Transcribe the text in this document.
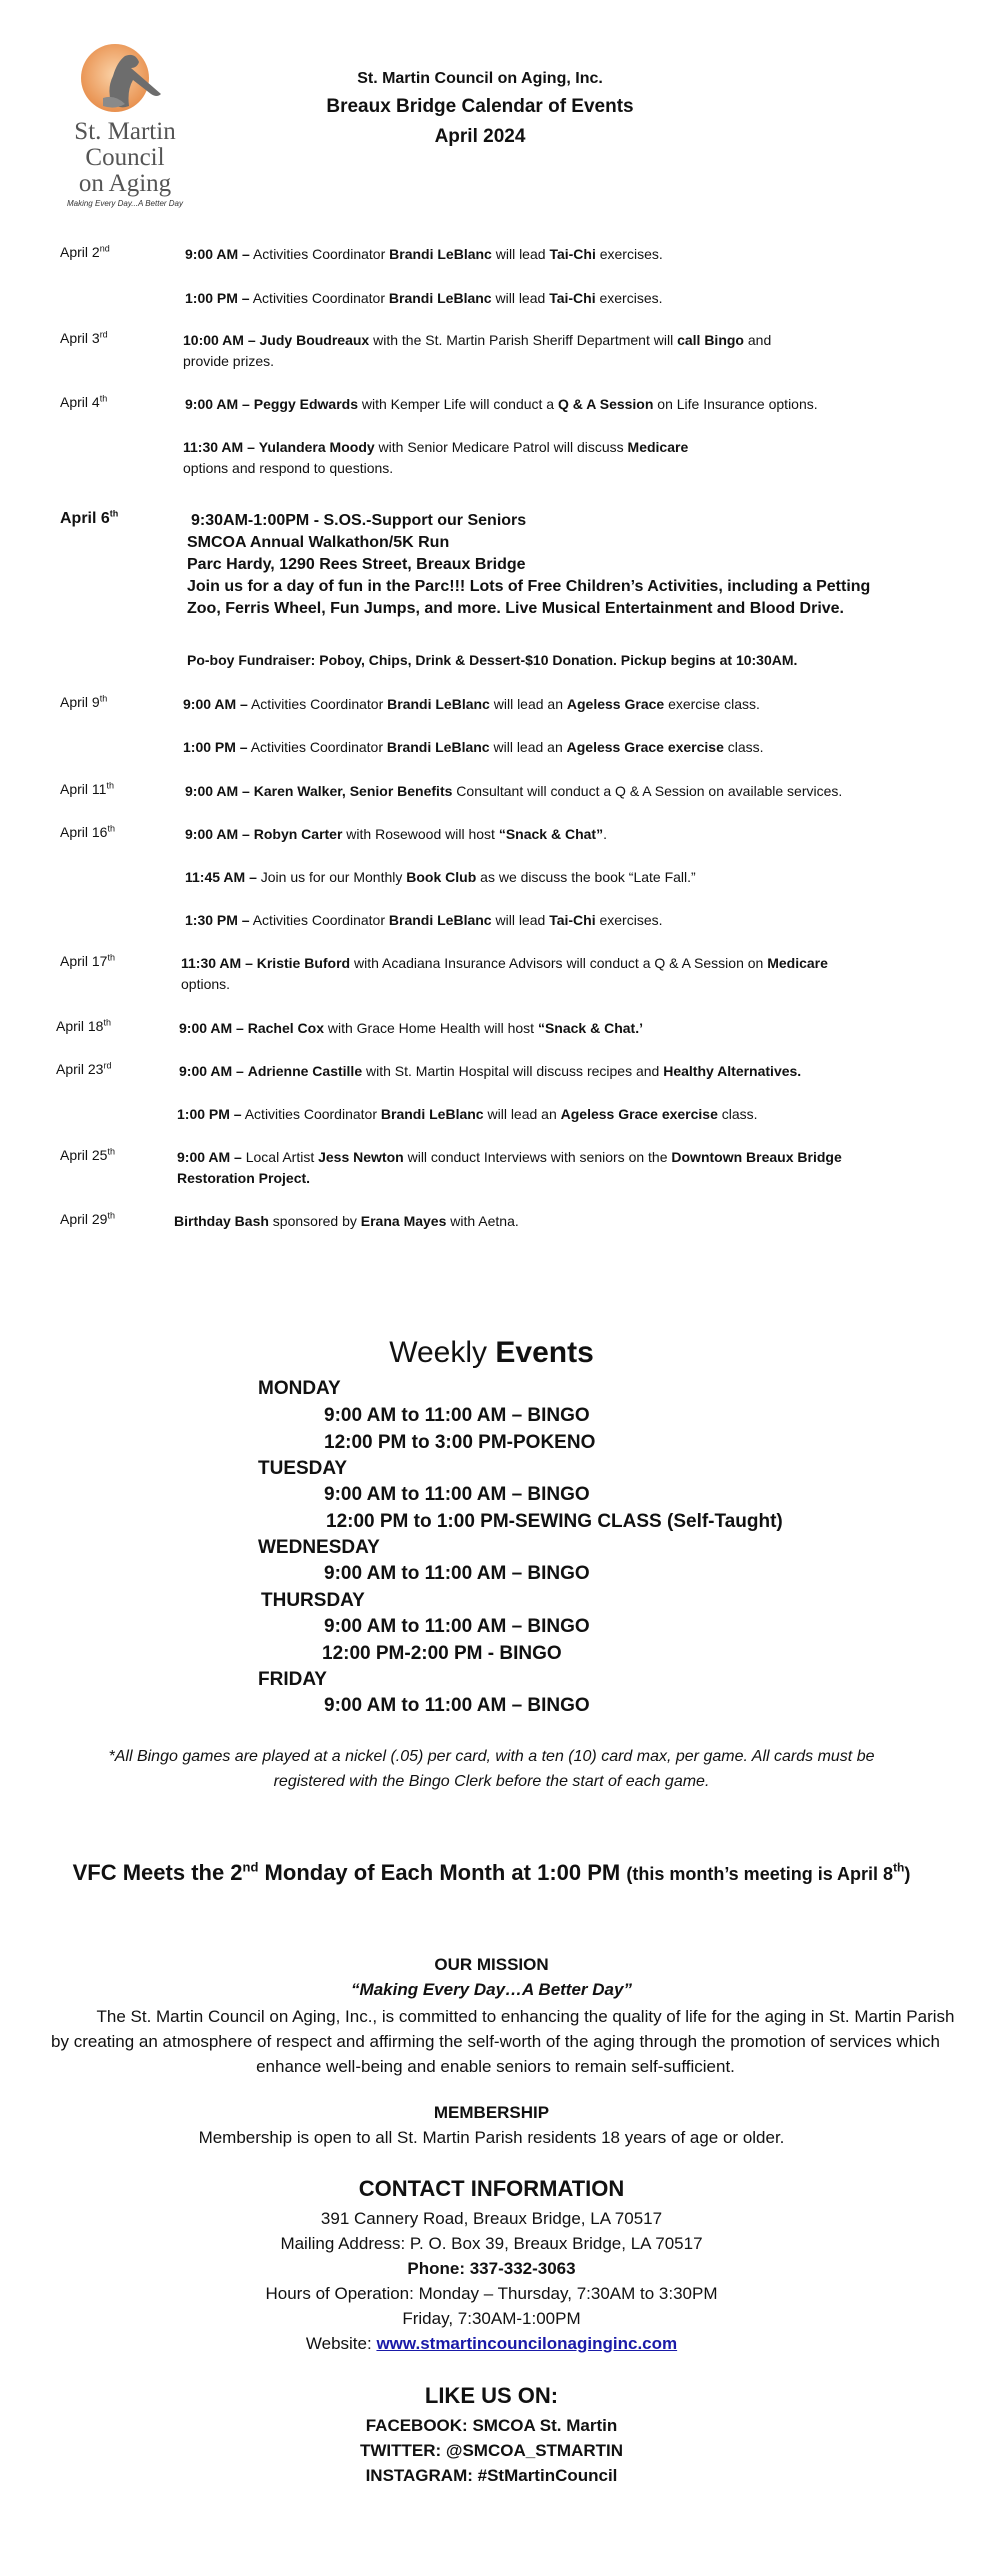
St. Martin
Council
on Aging
Making Every Day...A Better Day
St. Martin Council on Aging, Inc.
Breaux Bridge Calendar of Events
April 2024
April 2nd	9:00 AM – Activities Coordinator Brandi LeBlanc will lead Tai-Chi exercises.
1:00 PM – Activities Coordinator Brandi LeBlanc will lead Tai-Chi exercises.
April 3rd	10:00 AM – Judy Boudreaux with the St. Martin Parish Sheriff Department will call Bingo and
provide prizes.
April 4th	9:00 AM – Peggy Edwards with Kemper Life will conduct a Q & A Session on Life Insurance options.
11:30 AM – Yulandera Moody with Senior Medicare Patrol will discuss Medicare
options and respond to questions.
April 6th	9:30AM-1:00PM - S.OS.-Support our Seniors
SMCOA Annual Walkathon/5K Run
Parc Hardy, 1290 Rees Street, Breaux Bridge
Join us for a day of fun in the Parc!!! Lots of Free Children’s Activities, including a Petting
Zoo, Ferris Wheel, Fun Jumps, and more. Live Musical Entertainment and Blood Drive.
Po-boy Fundraiser: Poboy, Chips, Drink & Dessert-$10 Donation. Pickup begins at 10:30AM.
April 9th	9:00 AM – Activities Coordinator Brandi LeBlanc will lead an Ageless Grace exercise class.
1:00 PM – Activities Coordinator Brandi LeBlanc will lead an Ageless Grace exercise class.
April 11th	9:00 AM – Karen Walker, Senior Benefits Consultant will conduct a Q & A Session on available services.
April 16th	9:00 AM – Robyn Carter with Rosewood will host “Snack & Chat”.
11:45 AM – Join us for our Monthly Book Club as we discuss the book “Late Fall.”
1:30 PM – Activities Coordinator Brandi LeBlanc will lead Tai-Chi exercises.
April 17th	11:30 AM – Kristie Buford with Acadiana Insurance Advisors will conduct a Q & A Session on Medicare
options.
April 18th	9:00 AM – Rachel Cox with Grace Home Health will host “Snack & Chat.’
April 23rd	9:00 AM – Adrienne Castille with St. Martin Hospital will discuss recipes and Healthy Alternatives.
1:00 PM – Activities Coordinator Brandi LeBlanc will lead an Ageless Grace exercise class.
April 25th	9:00 AM – Local Artist Jess Newton will conduct Interviews with seniors on the Downtown Breaux Bridge
Restoration Project.
April 29th	Birthday Bash sponsored by Erana Mayes with Aetna.
Weekly Events
MONDAY
9:00 AM to 11:00 AM – BINGO
12:00 PM to 3:00 PM-POKENO
TUESDAY
9:00 AM to 11:00 AM – BINGO
12:00 PM to 1:00 PM-SEWING CLASS (Self-Taught)
WEDNESDAY
9:00 AM to 11:00 AM – BINGO
THURSDAY
9:00 AM to 11:00 AM – BINGO
12:00 PM-2:00 PM - BINGO
FRIDAY
9:00 AM to 11:00 AM – BINGO
*All Bingo games are played at a nickel (.05) per card, with a ten (10) card max, per game. All cards must be
registered with the Bingo Clerk before the start of each game.
VFC Meets the 2nd Monday of Each Month at 1:00 PM (this month’s meeting is April 8th)
OUR MISSION
“Making Every Day…A Better Day”
The St. Martin Council on Aging, Inc., is committed to enhancing the quality of life for the aging in St. Martin Parish by creating an atmosphere of respect and affirming the self-worth of the aging through the promotion of services which enhance well-being and enable seniors to remain self-sufficient.
MEMBERSHIP
Membership is open to all St. Martin Parish residents 18 years of age or older.
CONTACT INFORMATION
391 Cannery Road, Breaux Bridge, LA 70517
Mailing Address: P. O. Box 39, Breaux Bridge, LA 70517
Phone: 337-332-3063
Hours of Operation: Monday – Thursday, 7:30AM to 3:30PM
Friday, 7:30AM-1:00PM
Website: www.stmartincouncilonaginginc.com
LIKE US ON:
FACEBOOK: SMCOA St. Martin
TWITTER: @SMCOA_STMARTIN
INSTAGRAM: #StMartinCouncil
